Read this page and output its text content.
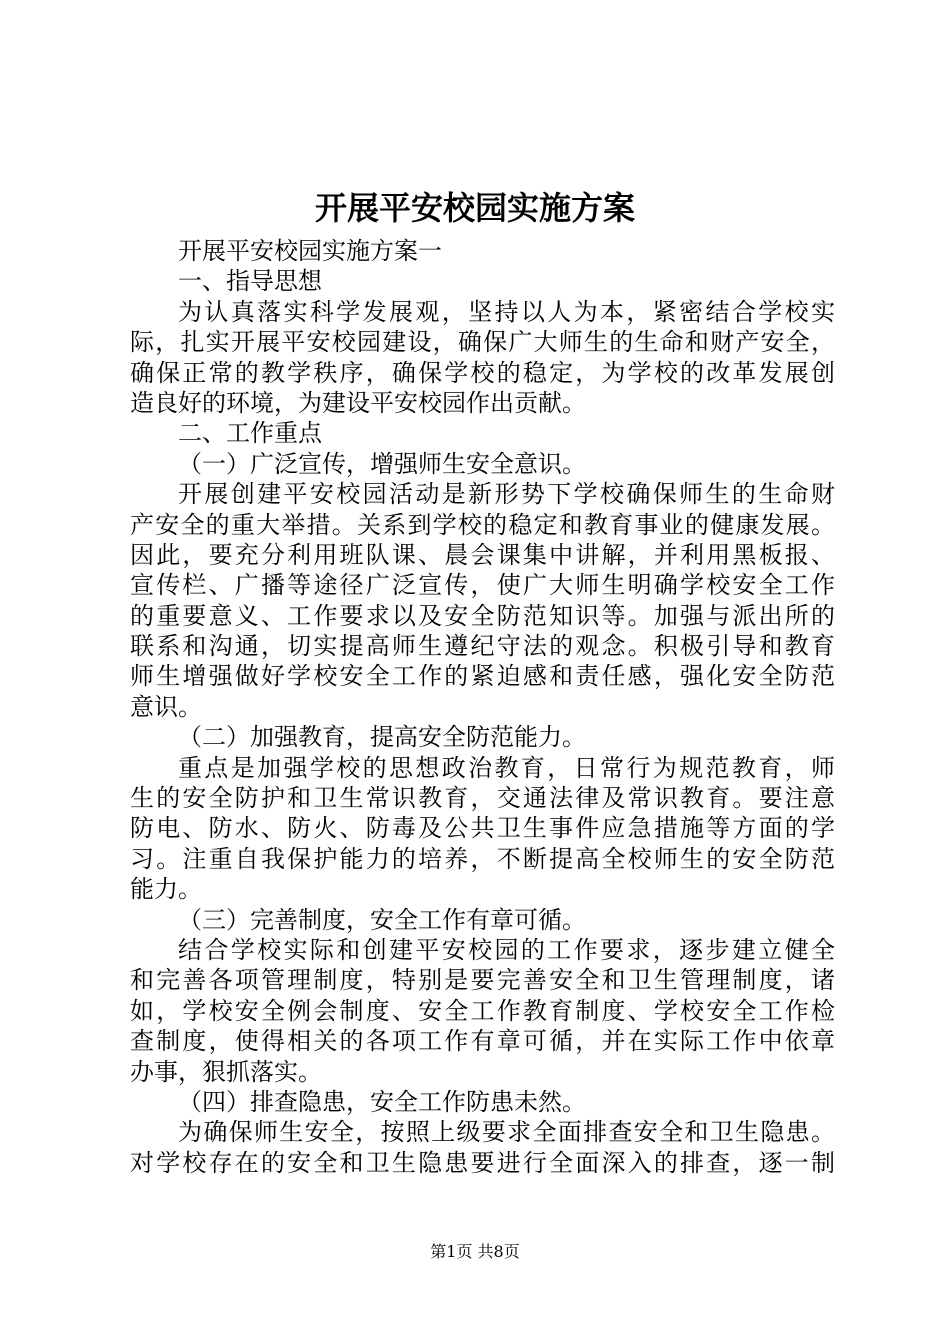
开展平安校园实施方案
开展平安校园实施方案一
一、指导思想
为认真落实科学发展观，坚持以人为本，紧密结合学校实
际，扎实开展平安校园建设，确保广大师生的生命和财产安全，
确保正常的教学秩序，确保学校的稳定，为学校的改革发展创
造良好的环境，为建设平安校园作出贡献。
二、工作重点
（一）广泛宣传，增强师生安全意识。
开展创建平安校园活动是新形势下学校确保师生的生命财
产安全的重大举措。关系到学校的稳定和教育事业的健康发展。
因此，要充分利用班队课、晨会课集中讲解，并利用黑板报、
宣传栏、广播等途径广泛宣传，使广大师生明确学校安全工作
的重要意义、工作要求以及安全防范知识等。加强与派出所的
联系和沟通，切实提高师生遵纪守法的观念。积极引导和教育
师生增强做好学校安全工作的紧迫感和责任感，强化安全防范
意识。
（二）加强教育，提高安全防范能力。
重点是加强学校的思想政治教育，日常行为规范教育，师
生的安全防护和卫生常识教育，交通法律及常识教育。要注意
防电、防水、防火、防毒及公共卫生事件应急措施等方面的学
习。注重自我保护能力的培养，不断提高全校师生的安全防范
能力。
（三）完善制度，安全工作有章可循。
结合学校实际和创建平安校园的工作要求，逐步建立健全
和完善各项管理制度，特别是要完善安全和卫生管理制度，诸
如，学校安全例会制度、安全工作教育制度、学校安全工作检
查制度，使得相关的各项工作有章可循，并在实际工作中依章
办事，狠抓落实。
（四）排查隐患，安全工作防患未然。
为确保师生安全，按照上级要求全面排查安全和卫生隐患。
对学校存在的安全和卫生隐患要进行全面深入的排查，逐一制
第1页 共8页
